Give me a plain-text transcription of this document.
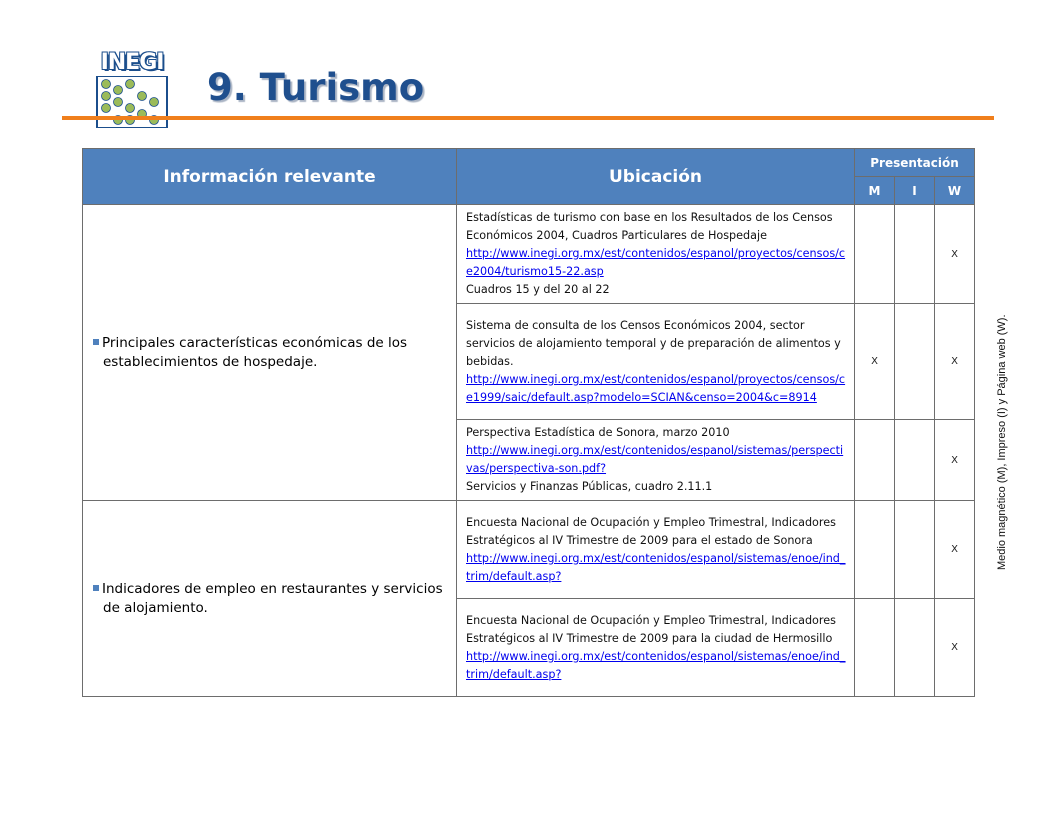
INEGI
9. Turismo
Información relevante	Ubicación	Presentación		
		M	I	W
Principales características económicas de los establecimientos de hospedaje.	Estadísticas de turismo con base en los Resultados de los Censos Económicos 2004, Cuadros Particulares de Hospedaje
http://www.inegi.org.mx/est/contenidos/espanol/proyectos/censos/ce2004/turismo15-22.asp
Cuadros 15 y del 20 al 22			X

	Sistema de consulta de los Censos Económicos 2004, sector servicios de alojamiento temporal y de preparación de alimentos y bebidas.
http://www.inegi.org.mx/est/contenidos/espanol/proyectos/censos/ce1999/saic/default.asp?modelo=SCIAN&censo=2004&c=8914	X		X

	Perspectiva Estadística de Sonora, marzo 2010
http://www.inegi.org.mx/est/contenidos/espanol/sistemas/perspectivas/perspectiva-son.pdf?
Servicios y Finanzas Públicas, cuadro 2.11.1			X
Indicadores de empleo en restaurantes y servicios de alojamiento.	Encuesta Nacional de Ocupación y Empleo Trimestral, Indicadores Estratégicos al IV Trimestre de 2009 para el estado de Sonora
http://www.inegi.org.mx/est/contenidos/espanol/sistemas/enoe/ind_trim/default.asp?			X

	Encuesta Nacional de Ocupación y Empleo Trimestral, Indicadores Estratégicos al IV Trimestre de 2009 para la ciudad de Hermosillo
http://www.inegi.org.mx/est/contenidos/espanol/sistemas/enoe/ind_trim/default.asp?			X
Medio magnético (M), Impreso (I) y Página web (W).
